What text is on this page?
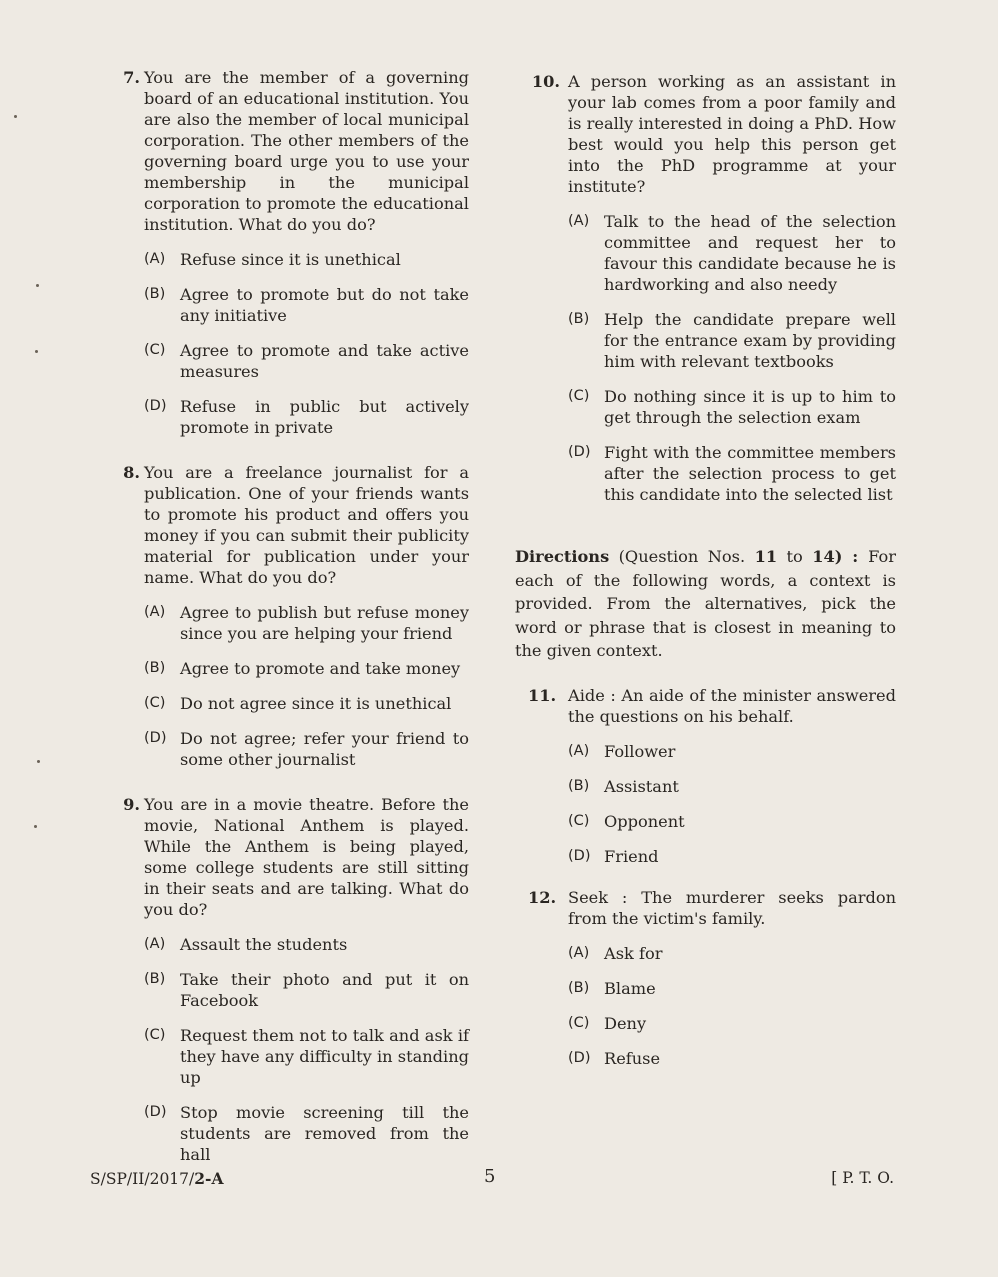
7. You are the member of a governing board of an educational institution. You are also the member of local municipal corporation. The other members of the governing board urge you to use your membership in the municipal corporation to promote the educational institution. What do you do?
(A) Refuse since it is unethical
(B) Agree to promote but do not take any initiative
(C) Agree to promote and take active measures
(D) Refuse in public but actively promote in private
8. You are a freelance journalist for a publication. One of your friends wants to promote his product and offers you money if you can submit their publicity material for publication under your name. What do you do?
(A) Agree to publish but refuse money since you are helping your friend
(B) Agree to promote and take money
(C) Do not agree since it is unethical
(D) Do not agree; refer your friend to some other journalist
9. You are in a movie theatre. Before the movie, National Anthem is played. While the Anthem is being played, some college students are still sitting in their seats and are talking. What do you do?
(A) Assault the students
(B) Take their photo and put it on Facebook
(C) Request them not to talk and ask if they have any difficulty in standing up
(D) Stop movie screening till the students are removed from the hall
10. A person working as an assistant in your lab comes from a poor family and is really interested in doing a PhD. How best would you help this person get into the PhD programme at your institute?
(A) Talk to the head of the selection committee and request her to favour this candidate because he is hardworking and also needy
(B) Help the candidate prepare well for the entrance exam by providing him with relevant textbooks
(C) Do nothing since it is up to him to get through the selection exam
(D) Fight with the committee members after the selection process to get this candidate into the selected list
Directions (Question Nos. 11 to 14) : For each of the following words, a context is provided. From the alternatives, pick the word or phrase that is closest in meaning to the given context.
11. Aide : An aide of the minister answered the questions on his behalf.
(A) Follower
(B) Assistant
(C) Opponent
(D) Friend
12. Seek : The murderer seeks pardon from the victim's family.
(A) Ask for
(B) Blame
(C) Deny
(D) Refuse
S/SP/II/2017/2-A	5	[ P. T. O.
